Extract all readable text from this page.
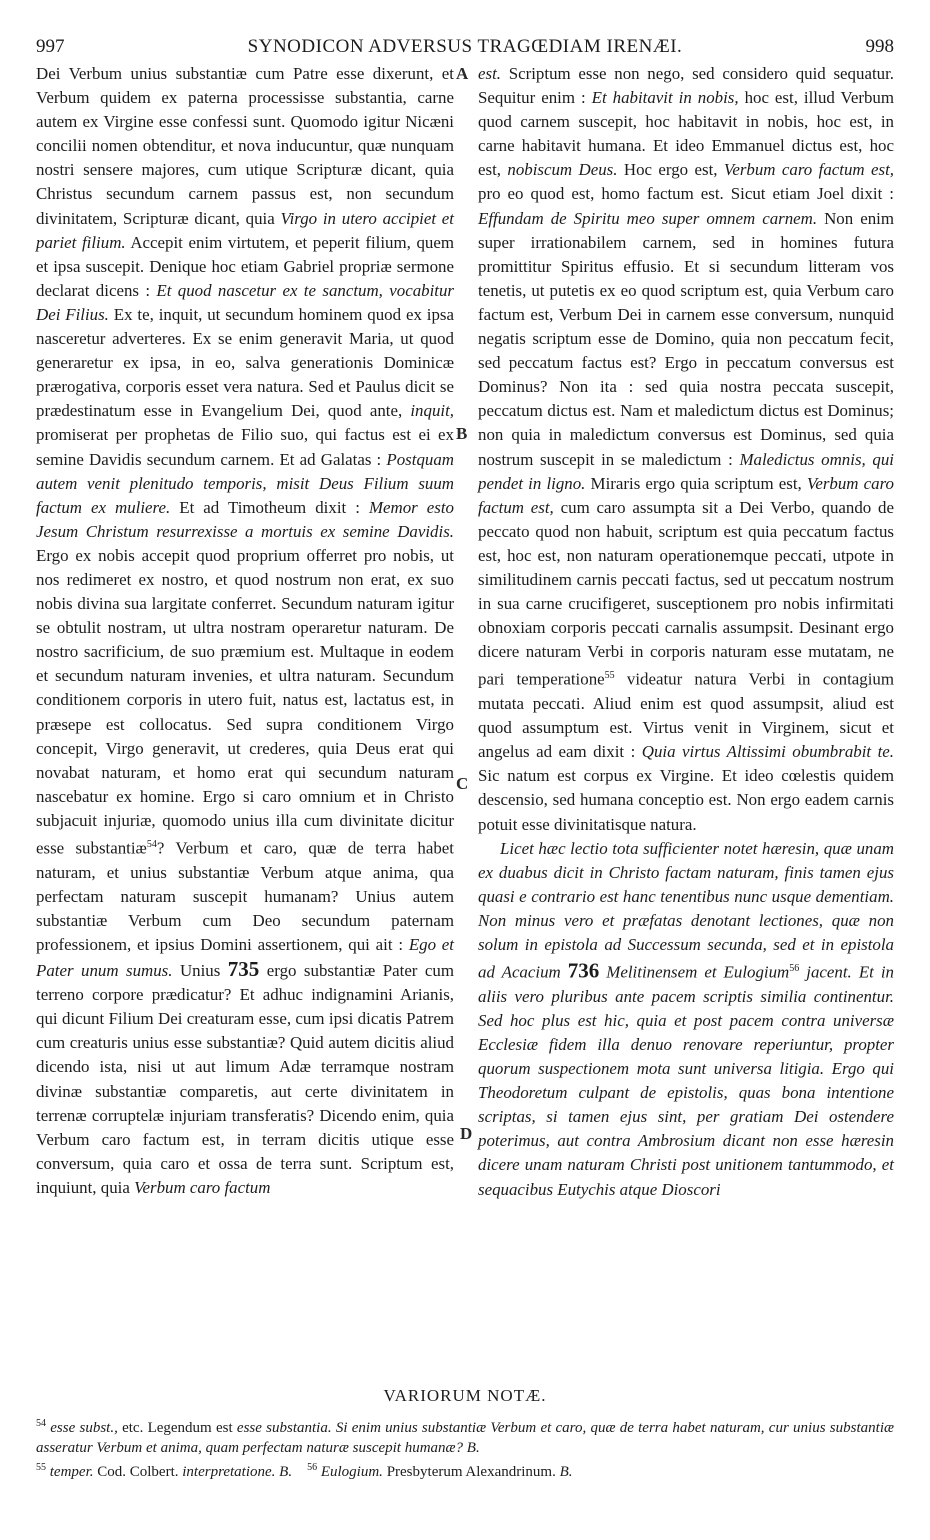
997	SYNODICON ADVERSUS TRAGŒDIAM IRENÆI.	998
A
B
C
D

Dei Verbum unius substantiæ cum Patre esse dixerunt, et Verbum quidem ex paterna processisse substantia, carne autem ex Virgine esse confessi sunt. Quomodo igitur Nicæni concilii nomen obtenditur, et nova inducuntur, quæ nunquam nostri sensere majores, cum utique Scripturæ dicant, quia Christus secundum carnem passus est, non secundum divinitatem, Scripturæ dicant, quia Virgo in utero accipiet et pariet filium. Accepit enim virtutem, et peperit filium, quem et ipsa suscepit. Denique hoc etiam Gabriel propriæ sermone declarat dicens : Et quod nascetur ex te sanctum, vocabitur Dei Filius. Ex te, inquit, ut secundum hominem quod ex ipsa nasceretur adverteres. Ex se enim generavit Maria, ut quod generaretur ex ipsa, in eo, salva generationis Dominicæ prærogativa, corporis esset vera natura. Sed et Paulus dicit se prædestinatum esse in Evangelium Dei, quod ante, inquit, promiserat per prophetas de Filio suo, qui factus est ei ex semine Davidis secundum carnem. Et ad Galatas : Postquam autem venit plenitudo temporis, misit Deus Filium suum factum ex muliere. Et ad Timotheum dixit : Memor esto Jesum Christum resurrexisse a mortuis ex semine Davidis. Ergo ex nobis accepit quod proprium offerret pro nobis, ut nos redimeret ex nostro, et quod nostrum non erat, ex suo nobis divina sua largitate conferret. Secundum naturam igitur se obtulit nostram, ut ultra nostram operaretur naturam. De nostro sacrificium, de suo præmium est. Multaque in eodem et secundum naturam invenies, et ultra naturam. Secundum conditionem corporis in utero fuit, natus est, lactatus est, in præsepe est collocatus. Sed supra conditionem Virgo concepit, Virgo generavit, ut crederes, quia Deus erat qui novabat naturam, et homo erat qui secundum naturam nascebatur ex homine. Ergo si caro omnium et in Christo subjacuit injuriæ, quomodo unius illa cum divinitate dicitur esse substantiæ$^{54}$? Verbum et caro, quæ de terra habet naturam, et unius substantiæ Verbum atque anima, qua perfectam naturam suscepit humanam? Unius autem substantiæ Verbum cum Deo secundum paternam professionem, et ipsius Domini assertionem, qui ait : Ego et Pater unum sumus. Unius 735 ergo substantiæ Pater cum terreno corpore prædicatur? Et adhuc indignamini Arianis, qui dicunt Filium Dei creaturam esse, cum ipsi dicatis Patrem cum creaturis unius esse substantiæ? Quid autem dicitis aliud dicendo ista, nisi ut aut limum Adæ terramque nostram divinæ substantiæ comparetis, aut certe divinitatem in terrenæ corruptelæ injuriam transferatis? Dicendo enim, quia Verbum caro factum est, in terram dicitis utique esse conversum, quia caro et ossa de terra sunt. Scriptum est, inquiunt, quia Verbum caro factum

est. Scriptum esse non nego, sed considero quid sequatur. Sequitur enim : Et habitavit in nobis, hoc est, illud Verbum quod carnem suscepit, hoc habitavit in nobis, hoc est, in carne habitavit humana. Et ideo Emmanuel dictus est, hoc est, nobiscum Deus. Hoc ergo est, Verbum caro factum est, pro eo quod est, homo factum est. Sicut etiam Joel dixit : Effundam de Spiritu meo super omnem carnem. Non enim super irrationabilem carnem, sed in homines futura promittitur Spiritus effusio. Et si secundum litteram vos tenetis, ut putetis ex eo quod scriptum est, quia Verbum caro factum est, Verbum Dei in carnem esse conversum, nunquid negatis scriptum esse de Domino, quia non peccatum fecit, sed peccatum factus est? Ergo in peccatum conversus est Dominus? Non ita : sed quia nostra peccata suscepit, peccatum dictus est. Nam et maledictum dictus est Dominus; non quia in maledictum conversus est Dominus, sed quia nostrum suscepit in se maledictum : Maledictus omnis, qui pendet in ligno. Miraris ergo quia scriptum est, Verbum caro factum est, cum caro assumpta sit a Dei Verbo, quando de peccato quod non habuit, scriptum est quia peccatum factus est, hoc est, non naturam operationemque peccati, utpote in similitudinem carnis peccati factus, sed ut peccatum nostrum in sua carne crucifigeret, susceptionem pro nobis infirmitati obnoxiam corporis peccati carnalis assumpsit. Desinant ergo dicere naturam Verbi in corporis naturam esse mutatam, ne pari temperatione$^{55}$ videatur natura Verbi in contagium mutata peccati. Aliud enim est quod assumpsit, aliud est quod assumptum est. Virtus venit in Virginem, sicut et angelus ad eam dixit : Quia virtus Altissimi obumbrabit te. Sic natum est corpus ex Virgine. Et ideo cœlestis quidem descensio, sed humana conceptio est. Non ergo eadem carnis potuit esse divinitatisque natura.

Licet hæc lectio tota sufficienter notet hæresin, quæ unam ex duabus dicit in Christo factam naturam, finis tamen ejus quasi e contrario est hanc tenentibus nunc usque dementiam. Non minus vero et præfatas denotant lectiones, quæ non solum in epistola ad Successum secunda, sed et in epistola ad Acacium 736 Melitinensem et Eulogium$^{56}$ jacent. Et in aliis vero pluribus ante pacem scriptis similia continentur. Sed hoc plus est hic, quia et post pacem contra universæ Ecclesiæ fidem illa denuo renovare reperiuntur, propter quorum suspectionem mota sunt universa litigia. Ergo qui Theodoretum culpant de epistolis, quas bona intentione scriptas, si tamen ejus sint, per gratiam Dei ostendere poterimus, aut contra Ambrosium dicant non esse hæresin dicere unam naturam Christi post unitionem tantummodo, et sequacibus Eutychis atque Dioscori

VARIORUM NOTÆ.

$^{54}$ esse subst., etc. Legendum est esse substantia. Si enim unius substantiæ Verbum et caro, quæ de terra habet naturam, cur unius substantiæ asseratur Verbum et anima, quam perfectam naturæ suscepit humanæ? B.

$^{55}$ temper. Cod. Colbert. interpretatione. B. $^{56}$ Eulogium. Presbyterum Alexandrinum. B.
